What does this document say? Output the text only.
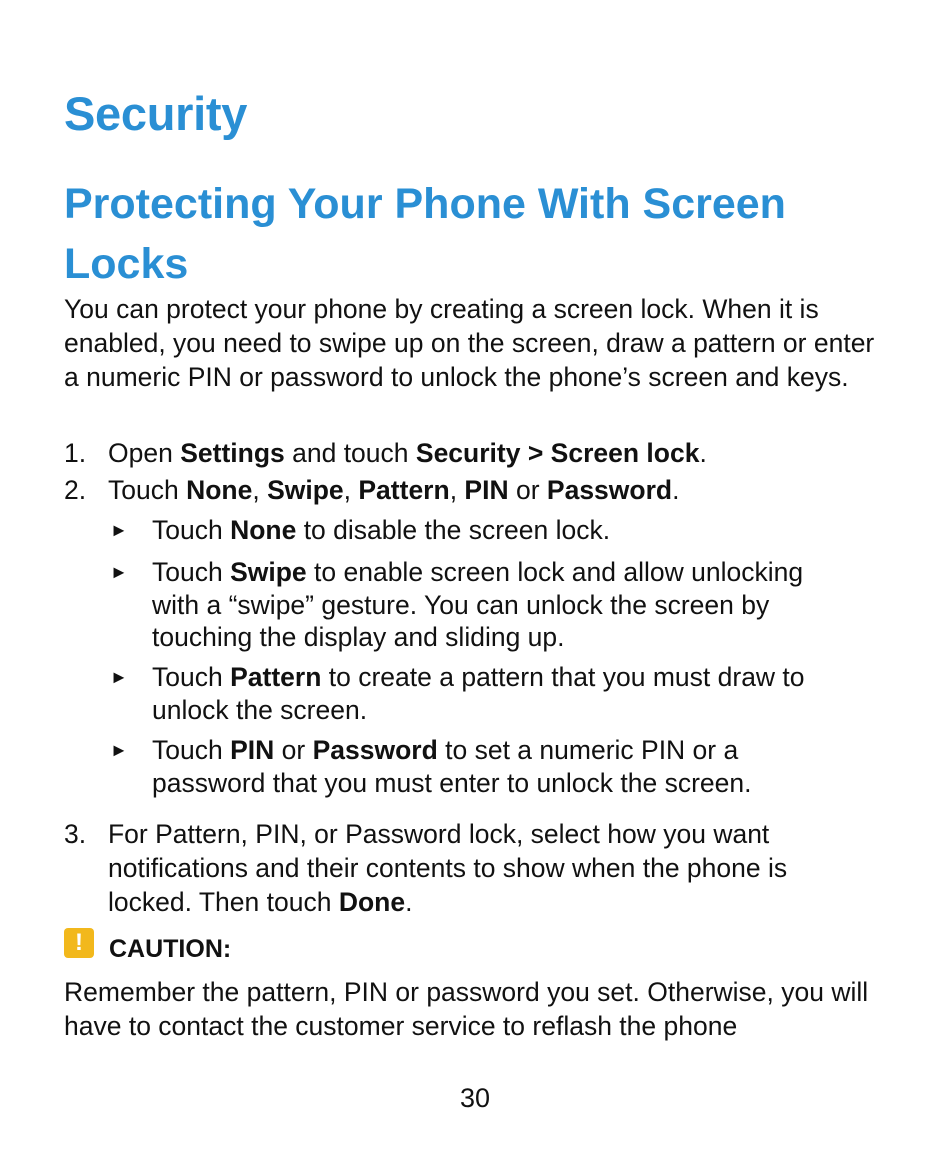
Security
Protecting Your Phone With Screen Locks

You can protect your phone by creating a screen lock. When it is enabled, you need to swipe up on the screen, draw a pattern or enter a numeric PIN or password to unlock the phone’s screen and keys.

1. Open Settings and touch Security > Screen lock.
2. Touch None, Swipe, Pattern, PIN or Password.
► Touch None to disable the screen lock.
► Touch Swipe to enable screen lock and allow unlocking with a “swipe” gesture. You can unlock the screen by touching the display and sliding up.
► Touch Pattern to create a pattern that you must draw to unlock the screen.
► Touch PIN or Password to set a numeric PIN or a password that you must enter to unlock the screen.
3. For Pattern, PIN, or Password lock, select how you want notifications and their contents to show when the phone is locked. Then touch Done.
!	CAUTION:

Remember the pattern, PIN or password you set. Otherwise, you will have to contact the customer service to reflash the phone

30
